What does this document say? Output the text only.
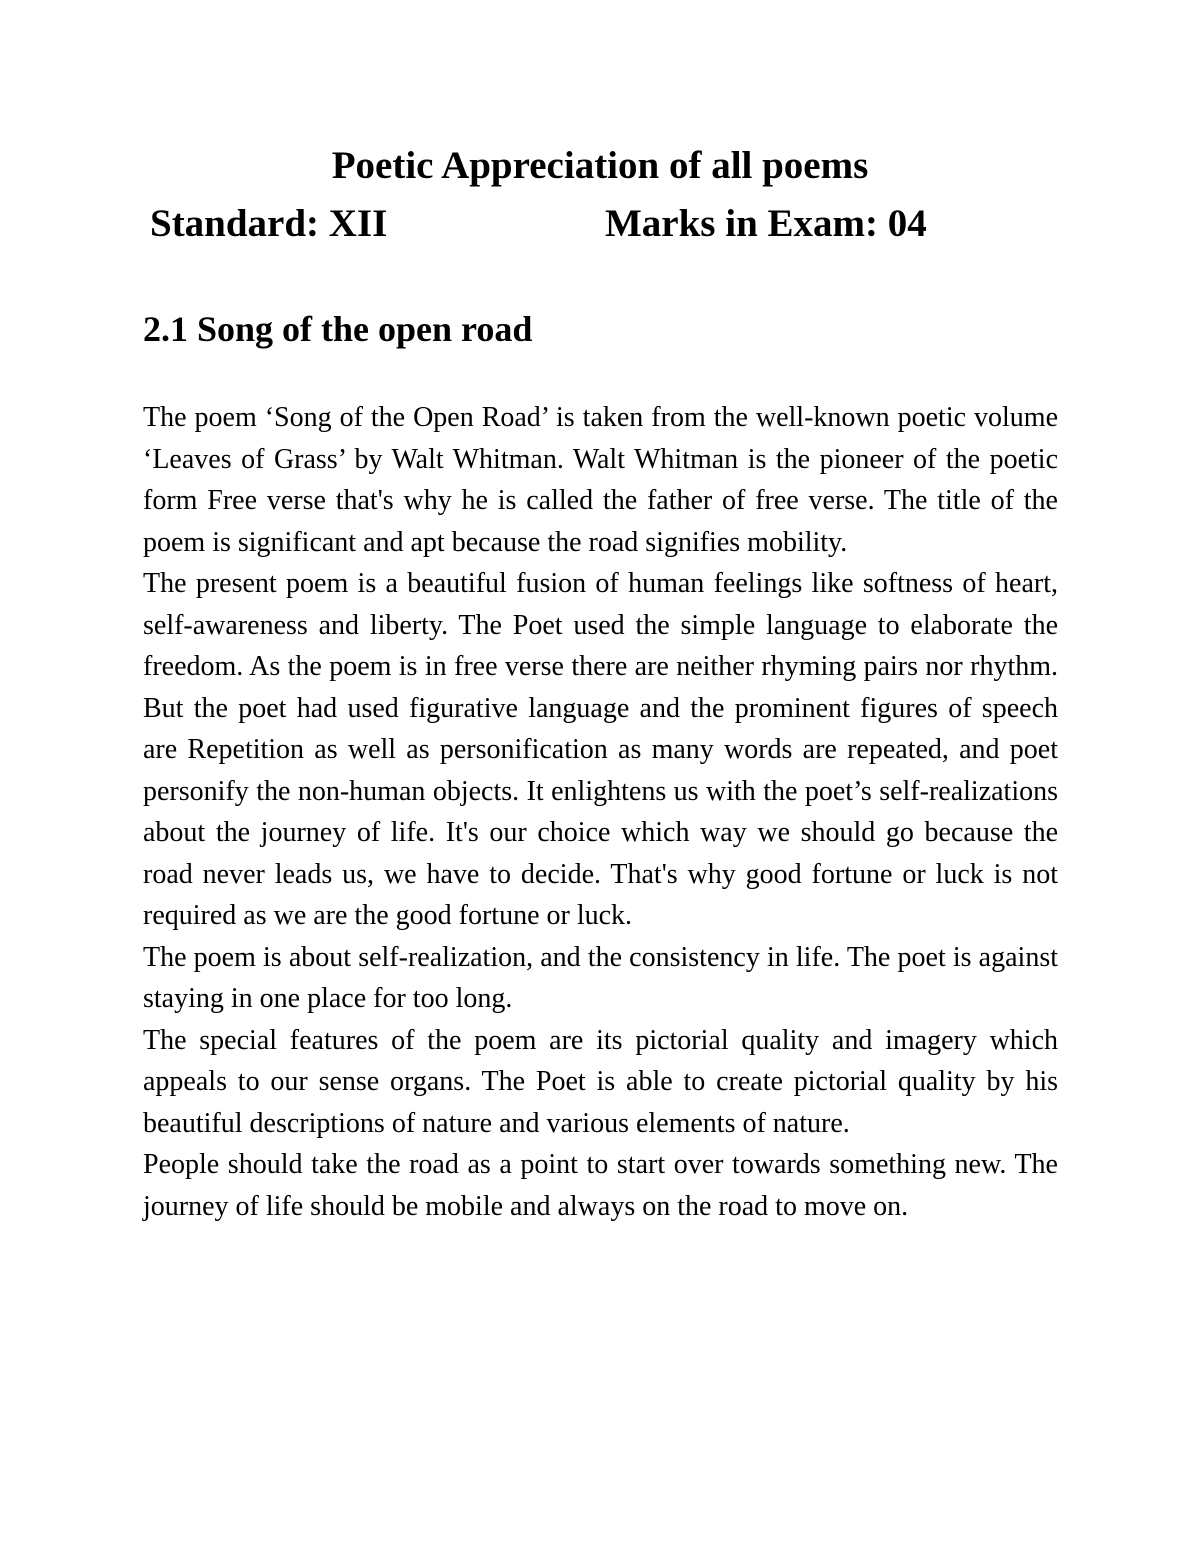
Poetic Appreciation of all poems
Standard: XII	Marks in Exam: 04
2.1 Song of the open road

The poem ‘Song of the Open Road’ is taken from the well-known poetic volume ‘Leaves of Grass’ by Walt Whitman. Walt Whitman is the pioneer of the poetic form Free verse that's why he is called the father of free verse. The title of the poem is significant and apt because the road signifies mobility.

The present poem is a beautiful fusion of human feelings like softness of heart, self-awareness and liberty. The Poet used the simple language to elaborate the freedom. As the poem is in free verse there are neither rhyming pairs nor rhythm. But the poet had used figurative language and the prominent figures of speech are Repetition as well as personification as many words are repeated, and poet personify the non-human objects. It enlightens us with the poet’s self-realizations about the journey of life. It's our choice which way we should go because the road never leads us, we have to decide. That's why good fortune or luck is not required as we are the good fortune or luck.

The poem is about self-realization, and the consistency in life. The poet is against staying in one place for too long.

The special features of the poem are its pictorial quality and imagery which appeals to our sense organs. The Poet is able to create pictorial quality by his beautiful descriptions of nature and various elements of nature.

People should take the road as a point to start over towards something new. The journey of life should be mobile and always on the road to move on.
